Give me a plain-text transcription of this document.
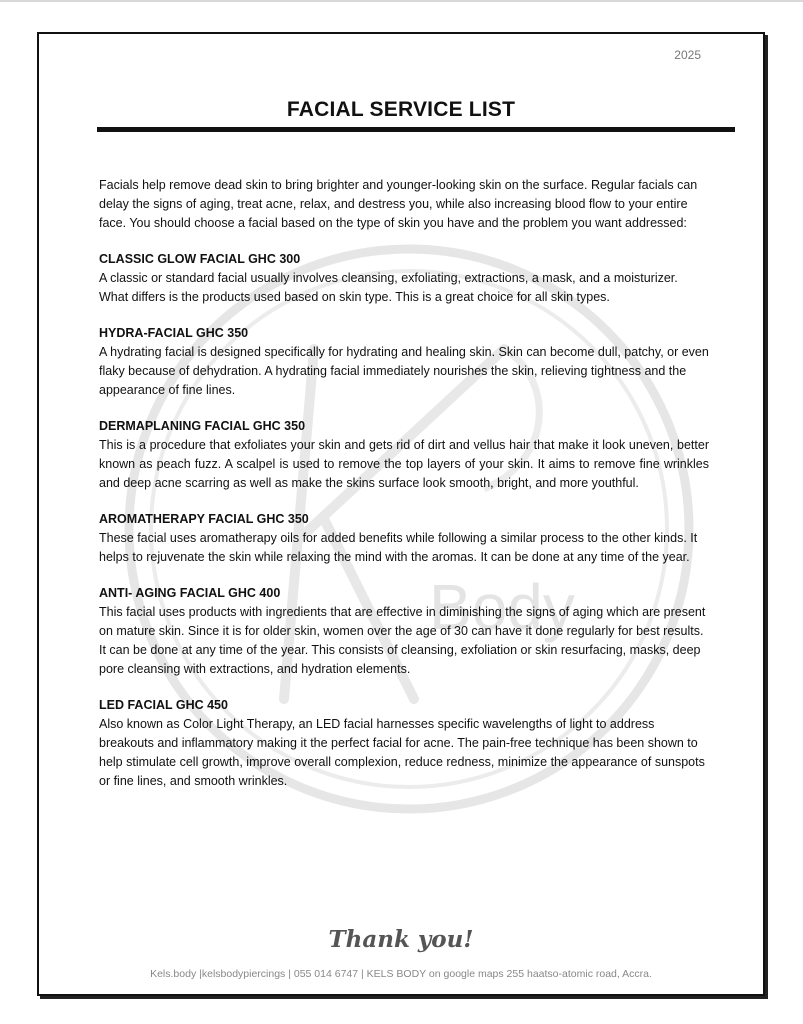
Body
2025
FACIAL SERVICE LIST

Facials help remove dead skin to bring brighter and younger-looking skin on the surface. Regular facials can delay the signs of aging, treat acne, relax, and destress you, while also increasing blood flow to your entire face. You should choose a facial based on the type of skin you have and the problem you want addressed:

CLASSIC GLOW FACIAL GHC 300

A classic or standard facial usually involves cleansing, exfoliating, extractions, a mask, and a moisturizer. What differs is the products used based on skin type. This is a great choice for all skin types.

HYDRA-FACIAL GHC 350

A hydrating facial is designed specifically for hydrating and healing skin. Skin can become dull, patchy, or even flaky because of dehydration. A hydrating facial immediately nourishes the skin, relieving tightness and the appearance of fine lines.

DERMAPLANING FACIAL GHC 350

This is a procedure that exfoliates your skin and gets rid of dirt and vellus hair that make it look uneven, better known as peach fuzz. A scalpel is used to remove the top layers of your skin. It aims to remove fine wrinkles and deep acne scarring as well as make the skins surface look smooth, bright, and more youthful.

AROMATHERAPY FACIAL GHC 350

These facial uses aromatherapy oils for added benefits while following a similar process to the other kinds. It helps to rejuvenate the skin while relaxing the mind with the aromas. It can be done at any time of the year.

ANTI- AGING FACIAL GHC 400

This facial uses products with ingredients that are effective in diminishing the signs of aging which are present on mature skin. Since it is for older skin, women over the age of 30 can have it done regularly for best results. It can be done at any time of the year. This consists of cleansing, exfoliation or skin resurfacing, masks, deep pore cleansing with extractions, and hydration elements.

LED FACIAL GHC 450

Also known as Color Light Therapy, an LED facial harnesses specific wavelengths of light to address breakouts and inflammatory making it the perfect facial for acne. The pain-free technique has been shown to help stimulate cell growth, improve overall complexion, reduce redness, minimize the appearance of sunspots or fine lines, and smooth wrinkles.

Thank you!
Kels.body |kelsbodypiercings | 055 014 6747 | KELS BODY on google maps 255 haatso-atomic road, Accra.
